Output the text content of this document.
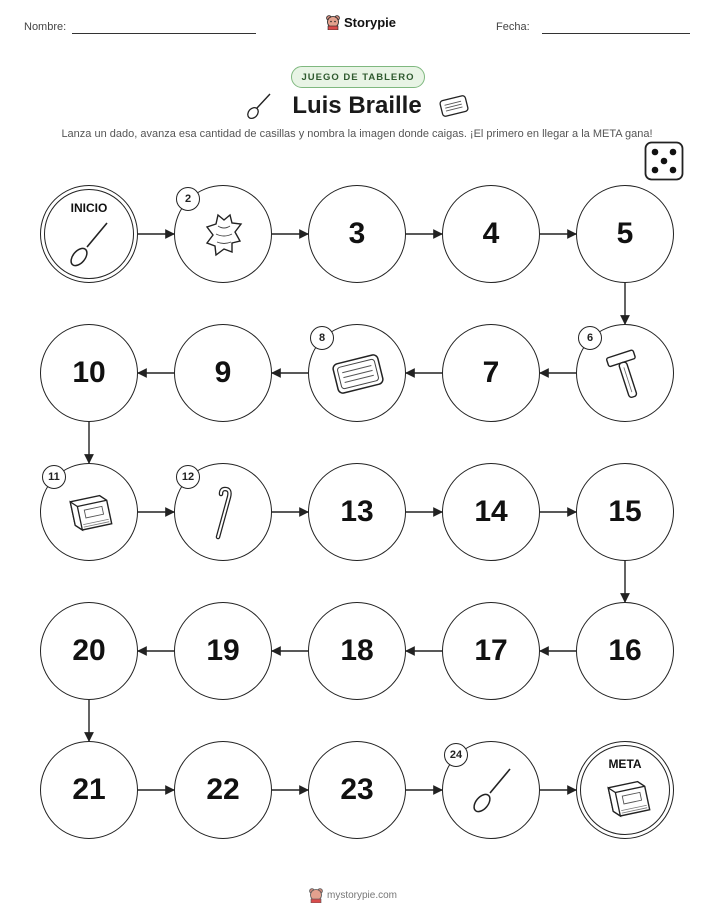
Nombre:	Storypie	Fecha:
JUEGO DE TABLERO
Luis Braille
Lanza un dado, avanza esa cantidad de casillas y nombra la imagen donde caigas. ¡El primero en llegar a la META gana!
INICIO
2
3	4	5
6
7
8
9
10
11	12
13	14	15
16
17
18
19
20
21	22	23
24
META
mystorypie.com
